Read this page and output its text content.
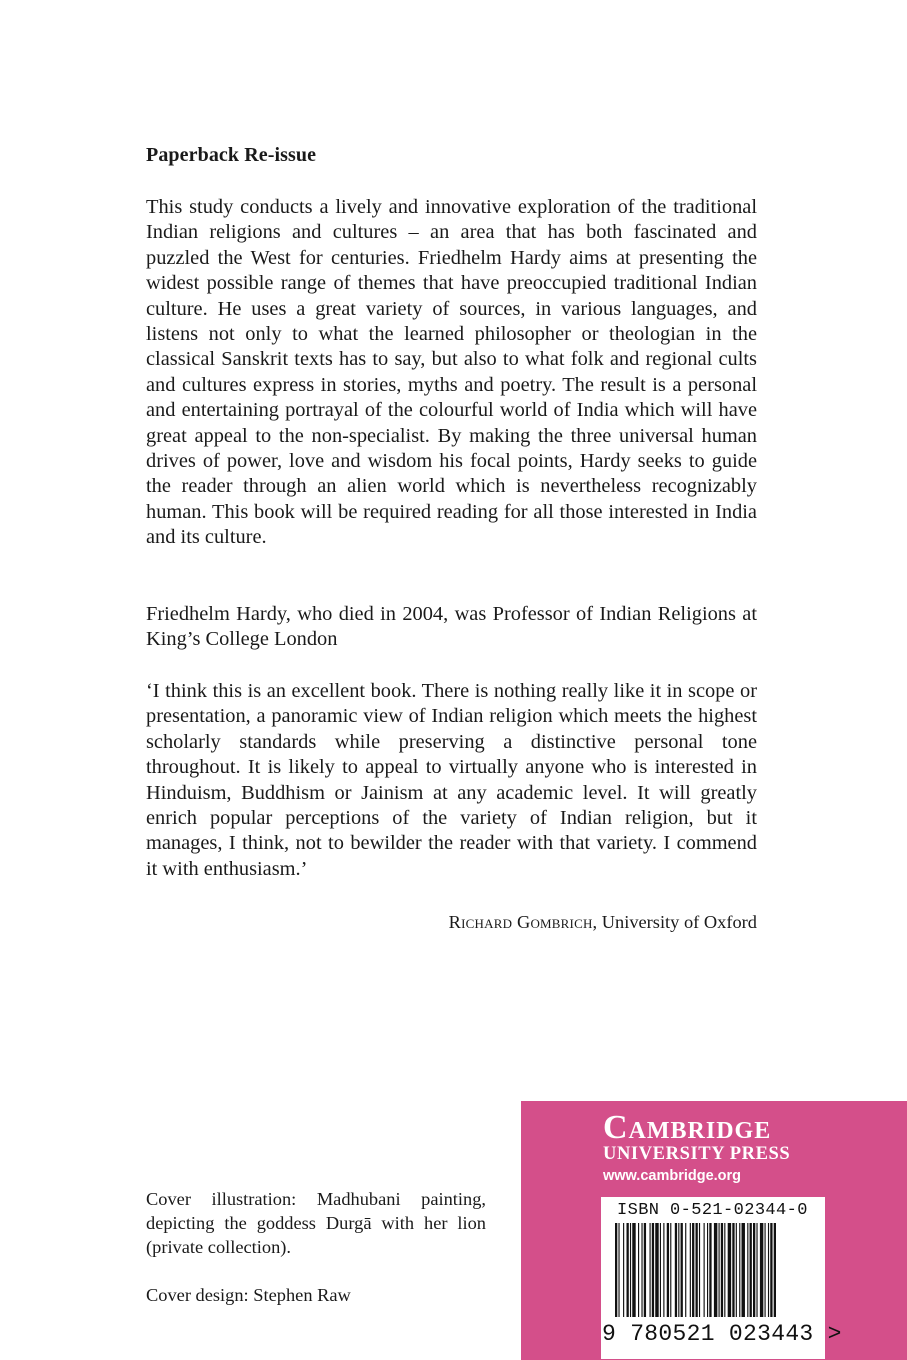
Paperback Re-issue

This study conducts a lively and innovative exploration of the traditional Indian religions and cultures – an area that has both fascinated and puzzled the West for centuries. Friedhelm Hardy aims at presenting the widest possible range of themes that have preoccupied traditional Indian culture. He uses a great variety of sources, in various languages, and listens not only to what the learned philosopher or theologian in the classical Sanskrit texts has to say, but also to what folk and regional cults and cultures express in stories, myths and poetry. The result is a personal and entertaining portrayal of the colourful world of India which will have great appeal to the non-specialist. By making the three universal human drives of power, love and wisdom his focal points, Hardy seeks to guide the reader through an alien world which is nevertheless recognizably human. This book will be required reading for all those interested in India and its culture.

Friedhelm Hardy, who died in 2004, was Professor of Indian Religions at King’s College London

‘I think this is an excellent book. There is nothing really like it in scope or presentation, a panoramic view of Indian religion which meets the highest scholarly standards while preserving a distinctive personal tone throughout. It is likely to appeal to virtually anyone who is interested in Hinduism, Buddhism or Jainism at any academic level. It will greatly enrich popular perceptions of the variety of Indian religion, but it manages, I think, not to bewilder the reader with that variety. I commend it with enthusiasm.’

Richard Gombrich, University of Oxford

Cover illustration: Madhubani painting, depicting the goddess Durgā with her lion (private collection).

Cover design: Stephen Raw
Cambridge
UNIVERSITY PRESS
www.cambridge.org
ISBN 0-521-02344-0
9 780521 023443 >
